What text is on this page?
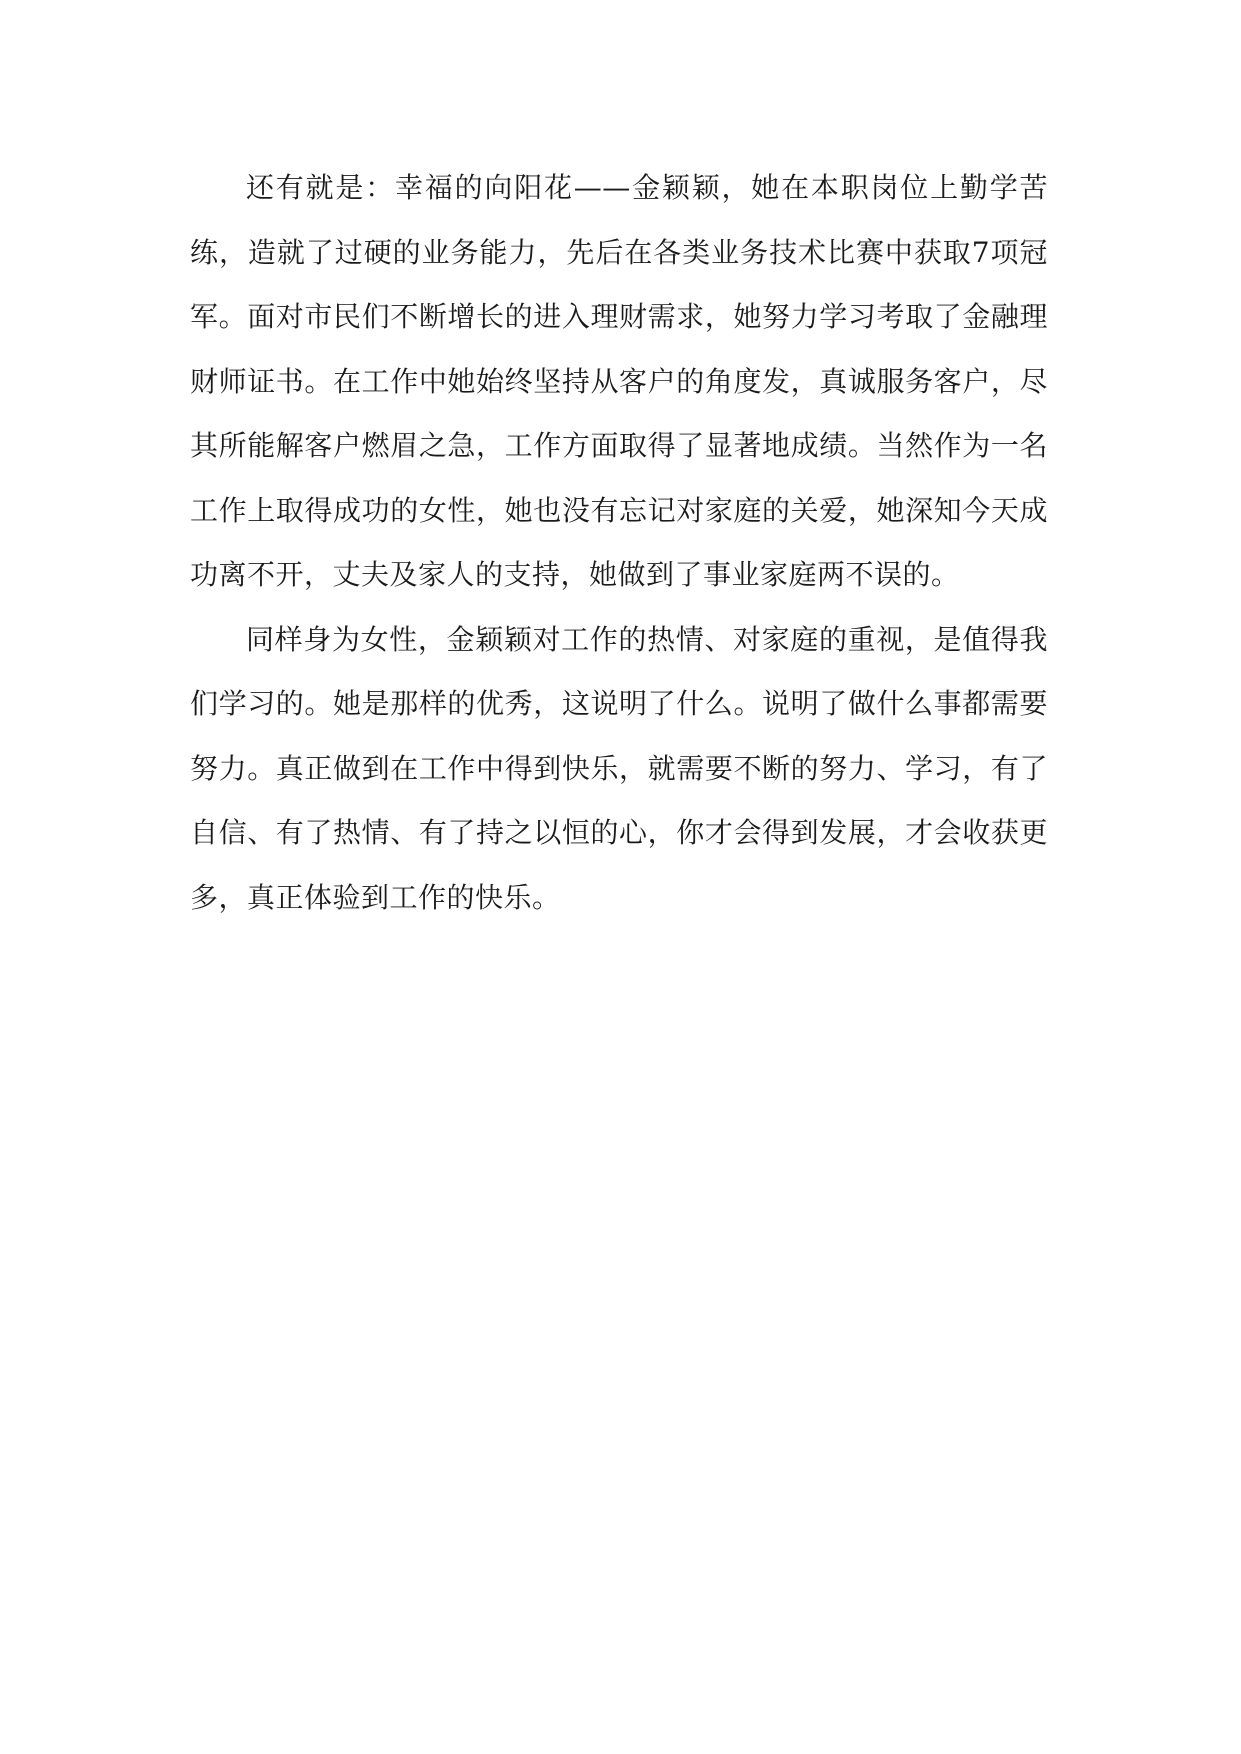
还有就是：幸福的向阳花——金颖颖，她在本职岗位上勤学苦练，造就了过硬的业务能力，先后在各类业务技术比赛中获取7项冠军。面对市民们不断增长的进入理财需求，她努力学习考取了金融理财师证书。在工作中她始终坚持从客户的角度发，真诚服务客户，尽其所能解客户燃眉之急，工作方面取得了显著地成绩。当然作为一名工作上取得成功的女性，她也没有忘记对家庭的关爱，她深知今天成功离不开，丈夫及家人的支持，她做到了事业家庭两不误的。

同样身为女性，金颖颖对工作的热情、对家庭的重视，是值得我们学习的。她是那样的优秀，这说明了什么。说明了做什么事都需要努力。真正做到在工作中得到快乐，就需要不断的努力、学习，有了自信、有了热情、有了持之以恒的心，你才会得到发展，才会收获更多，真正体验到工作的快乐。
